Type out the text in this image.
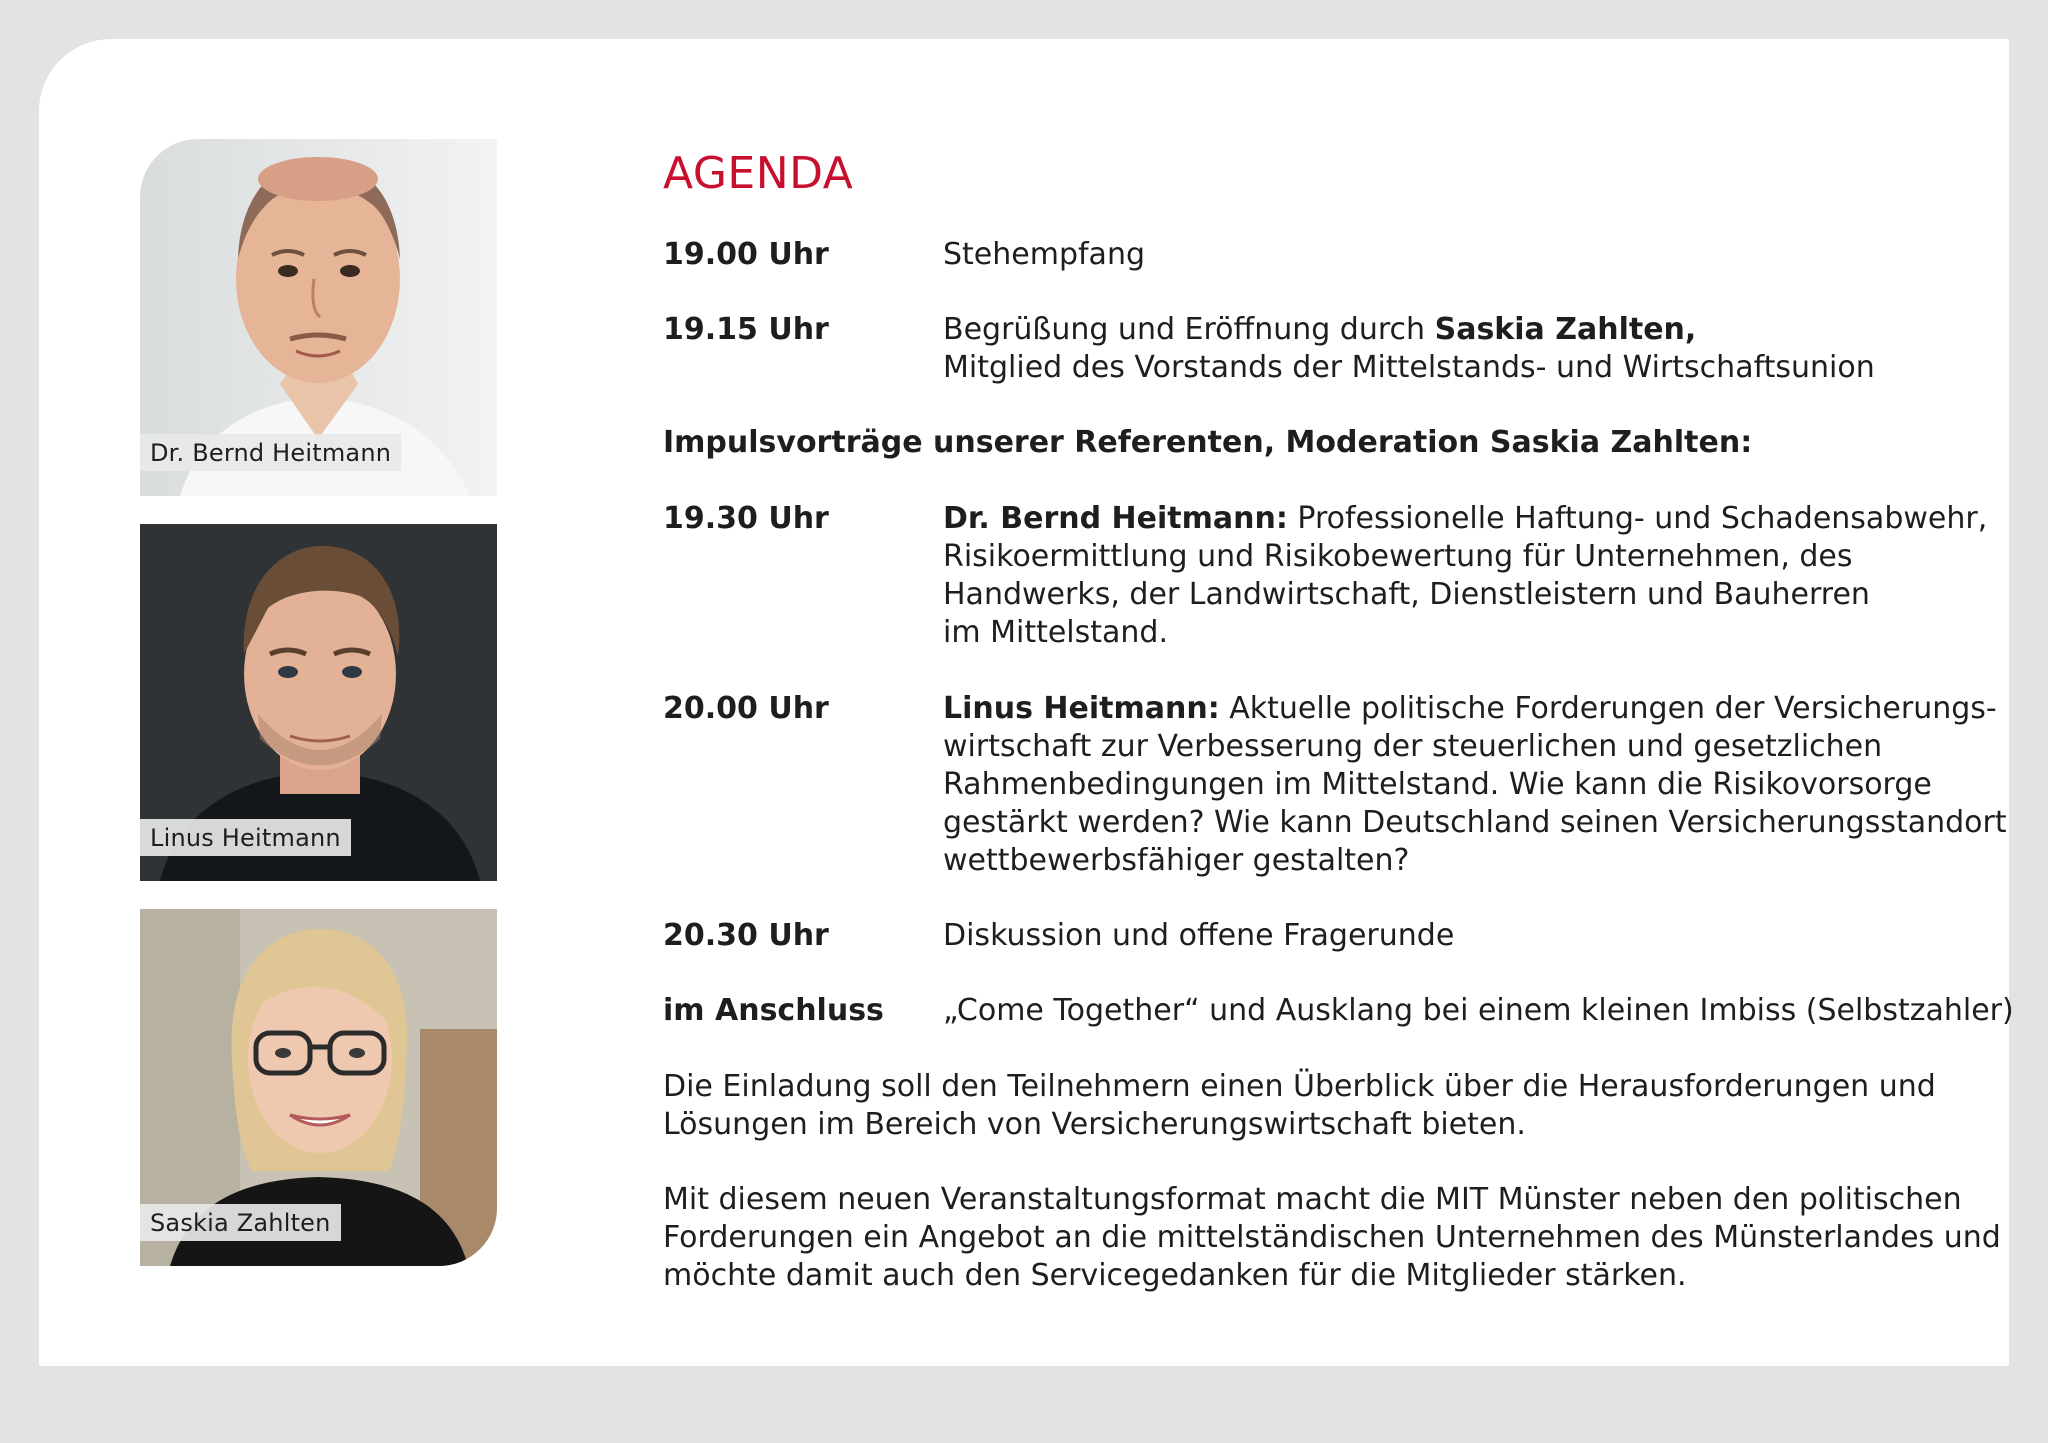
Dr. Bernd Heitmann
Linus Heitmann
Saskia Zahlten
AGENDA
19.00 Uhr	Stehempfang
19.15 Uhr	Begrüßung und Eröffnung durch Saskia Zahlten,
Mitglied des Vorstands der Mittelstands- und Wirtschaftsunion
Impulsvorträge unserer Referenten, Moderation Saskia Zahlten:
19.30 Uhr	Dr. Bernd Heitmann: Professionelle Haftung- und Schadensabwehr,
Risikoermittlung und Risikobewertung für Unternehmen, des
Handwerks, der Landwirtschaft, Dienstleistern und Bauherren
im Mittelstand.
20.00 Uhr	Linus Heitmann: Aktuelle politische Forderungen der Versicherungs-
wirtschaft zur Verbesserung der steuerlichen und gesetzlichen
Rahmenbedingungen im Mittelstand. Wie kann die Risikovorsorge
gestärkt werden? Wie kann Deutschland seinen Versicherungsstandort
wettbewerbsfähiger gestalten?
20.30 Uhr	Diskussion und offene Fragerunde
im Anschluss „Come Together“ und Ausklang bei einem kleinen Imbiss (Selbstzahler)
Die Einladung soll den Teilnehmern einen Überblick über die Herausforderungen und
Lösungen im Bereich von Versicherungswirtschaft bieten.
Mit diesem neuen Veranstaltungsformat macht die MIT Münster neben den politischen
Forderungen ein Angebot an die mittelständischen Unternehmen des Münsterlandes und
möchte damit auch den Servicegedanken für die Mitglieder stärken.
